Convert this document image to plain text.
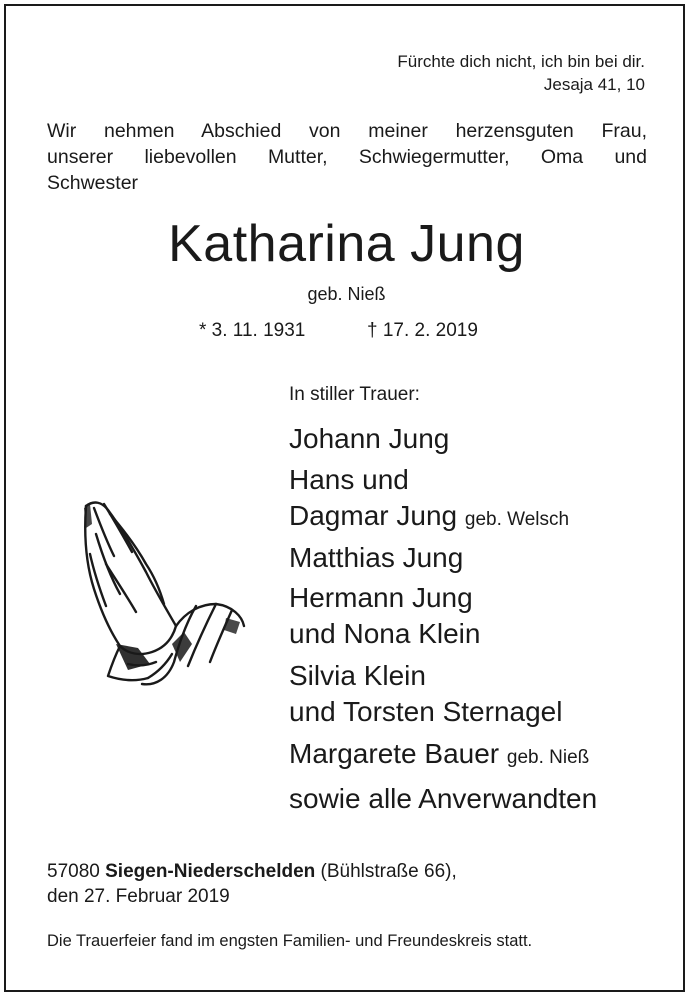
Fürchte dich nicht, ich bin bei dir.
Jesaja 41, 10
Wir nehmen Abschied von meiner herzensguten Frau,
unserer liebevollen Mutter, Schwiegermutter, Oma und
Schwester
Katharina Jung
geb. Nieß
* 3. 11. 1931	† 17. 2. 2019
In stiller Trauer:
Johann Jung
Hans und
Dagmar Jung geb. Welsch
Matthias Jung
Hermann Jung
und Nona Klein
Silvia Klein
und Torsten Sternagel
Margarete Bauer geb. Nieß
sowie alle Anverwandten
57080 Siegen-Niederschelden (Bühlstraße 66),
den 27. Februar 2019
Die Trauerfeier fand im engsten Familien- und Freundeskreis statt.
